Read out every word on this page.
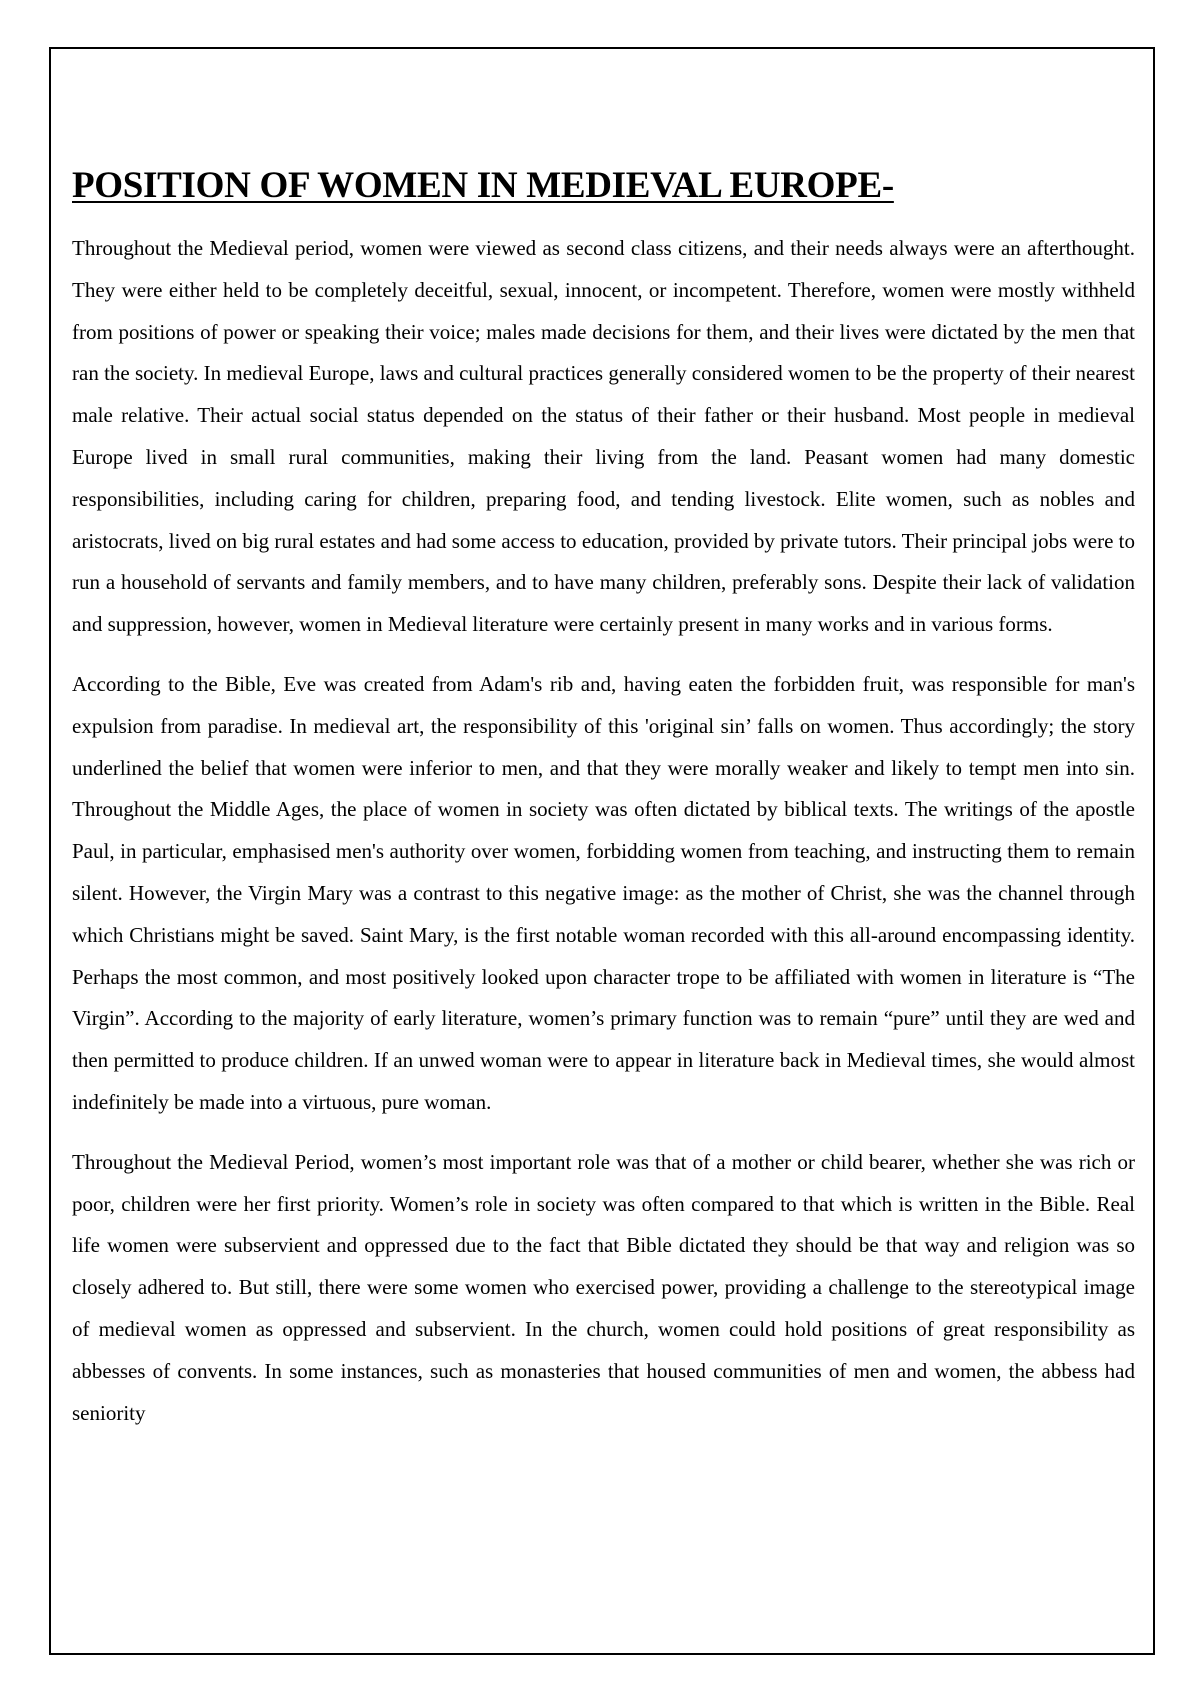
POSITION OF WOMEN IN MEDIEVAL EUROPE-

Throughout the Medieval period, women were viewed as second class citizens, and their needs always were an afterthought. They were either held to be completely deceitful, sexual, innocent, or incompetent. Therefore, women were mostly withheld from positions of power or speaking their voice; males made decisions for them, and their lives were dictated by the men that ran the society. In medieval Europe, laws and cultural practices generally considered women to be the property of their nearest male relative. Their actual social status depended on the status of their father or their husband. Most people in medieval Europe lived in small rural communities, making their living from the land. Peasant women had many domestic responsibilities, including caring for children, preparing food, and tending livestock. Elite women, such as nobles and aristocrats, lived on big rural estates and had some access to education, provided by private tutors. Their principal jobs were to run a household of servants and family members, and to have many children, preferably sons. Despite their lack of validation and suppression, however, women in Medieval literature were certainly present in many works and in various forms.

According to the Bible, Eve was created from Adam's rib and, having eaten the forbidden fruit, was responsible for man's expulsion from paradise. In medieval art, the responsibility of this 'original sin’ falls on women. Thus accordingly; the story underlined the belief that women were inferior to men, and that they were morally weaker and likely to tempt men into sin. Throughout the Middle Ages, the place of women in society was often dictated by biblical texts. The writings of the apostle Paul, in particular, emphasised men's authority over women, forbidding women from teaching, and instructing them to remain silent. However, the Virgin Mary was a contrast to this negative image: as the mother of Christ, she was the channel through which Christians might be saved. Saint Mary, is the first notable woman recorded with this all-around encompassing identity. Perhaps the most common, and most positively looked upon character trope to be affiliated with women in literature is “The Virgin”. According to the majority of early literature, women’s primary function was to remain “pure” until they are wed and then permitted to produce children. If an unwed woman were to appear in literature back in Medieval times, she would almost indefinitely be made into a virtuous, pure woman.

Throughout the Medieval Period, women’s most important role was that of a mother or child bearer, whether she was rich or poor, children were her first priority. Women’s role in society was often compared to that which is written in the Bible. Real life women were subservient and oppressed due to the fact that Bible dictated they should be that way and religion was so closely adhered to. But still, there were some women who exercised power, providing a challenge to the stereotypical image of medieval women as oppressed and subservient. In the church, women could hold positions of great responsibility as abbesses of convents. In some instances, such as monasteries that housed communities of men and women, the abbess had seniority
